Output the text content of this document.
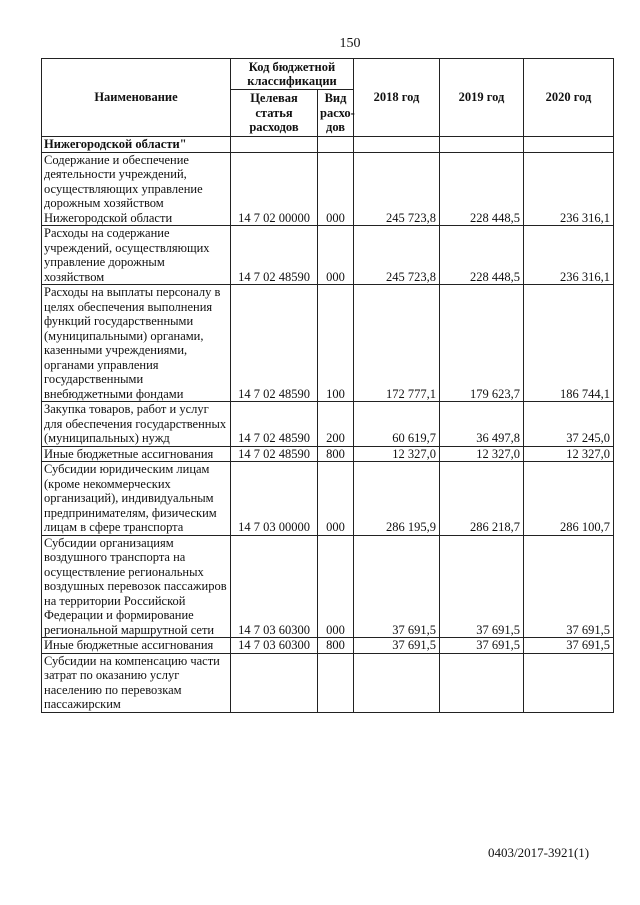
150
Наименование	Код бюджетной классификации		2018 год	2019 год	2020 год
	Целевая статья расходов	Вид расхо- дов			
Нижегородской области"					
Содержание и обеспечение деятельности учреждений, осуществляющих управление дорожным хозяйством Нижегородской области	14 7 02 00000	000	245 723,8	228 448,5	236 316,1
Расходы на содержание учреждений, осуществляющих управление дорожным хозяйством	14 7 02 48590	000	245 723,8	228 448,5	236 316,1
Расходы на выплаты персоналу в целях обеспечения выполнения функций государственными (муниципальными) органами, казенными учреждениями, органами управления государственными внебюджетными фондами	14 7 02 48590	100	172 777,1	179 623,7	186 744,1
Закупка товаров, работ и услуг для обеспечения государственных (муниципальных) нужд	14 7 02 48590	200	60 619,7	36 497,8	37 245,0
Иные бюджетные ассигнования	14 7 02 48590	800	12 327,0	12 327,0	12 327,0
Субсидии юридическим лицам (кроме некоммерческих организаций), индивидуальным предпринимателям, физическим лицам в сфере транспорта	14 7 03 00000	000	286 195,9	286 218,7	286 100,7
Субсидии организациям воздушного транспорта на осуществление региональных воздушных перевозок пассажиров на территории Российской Федерации и формирование региональной маршрутной сети	14 7 03 60300	000	37 691,5	37 691,5	37 691,5
Иные бюджетные ассигнования	14 7 03 60300	800	37 691,5	37 691,5	37 691,5
Субсидии на компенсацию части затрат по оказанию услуг населению по перевозкам пассажирским					
0403/2017-3921(1)
